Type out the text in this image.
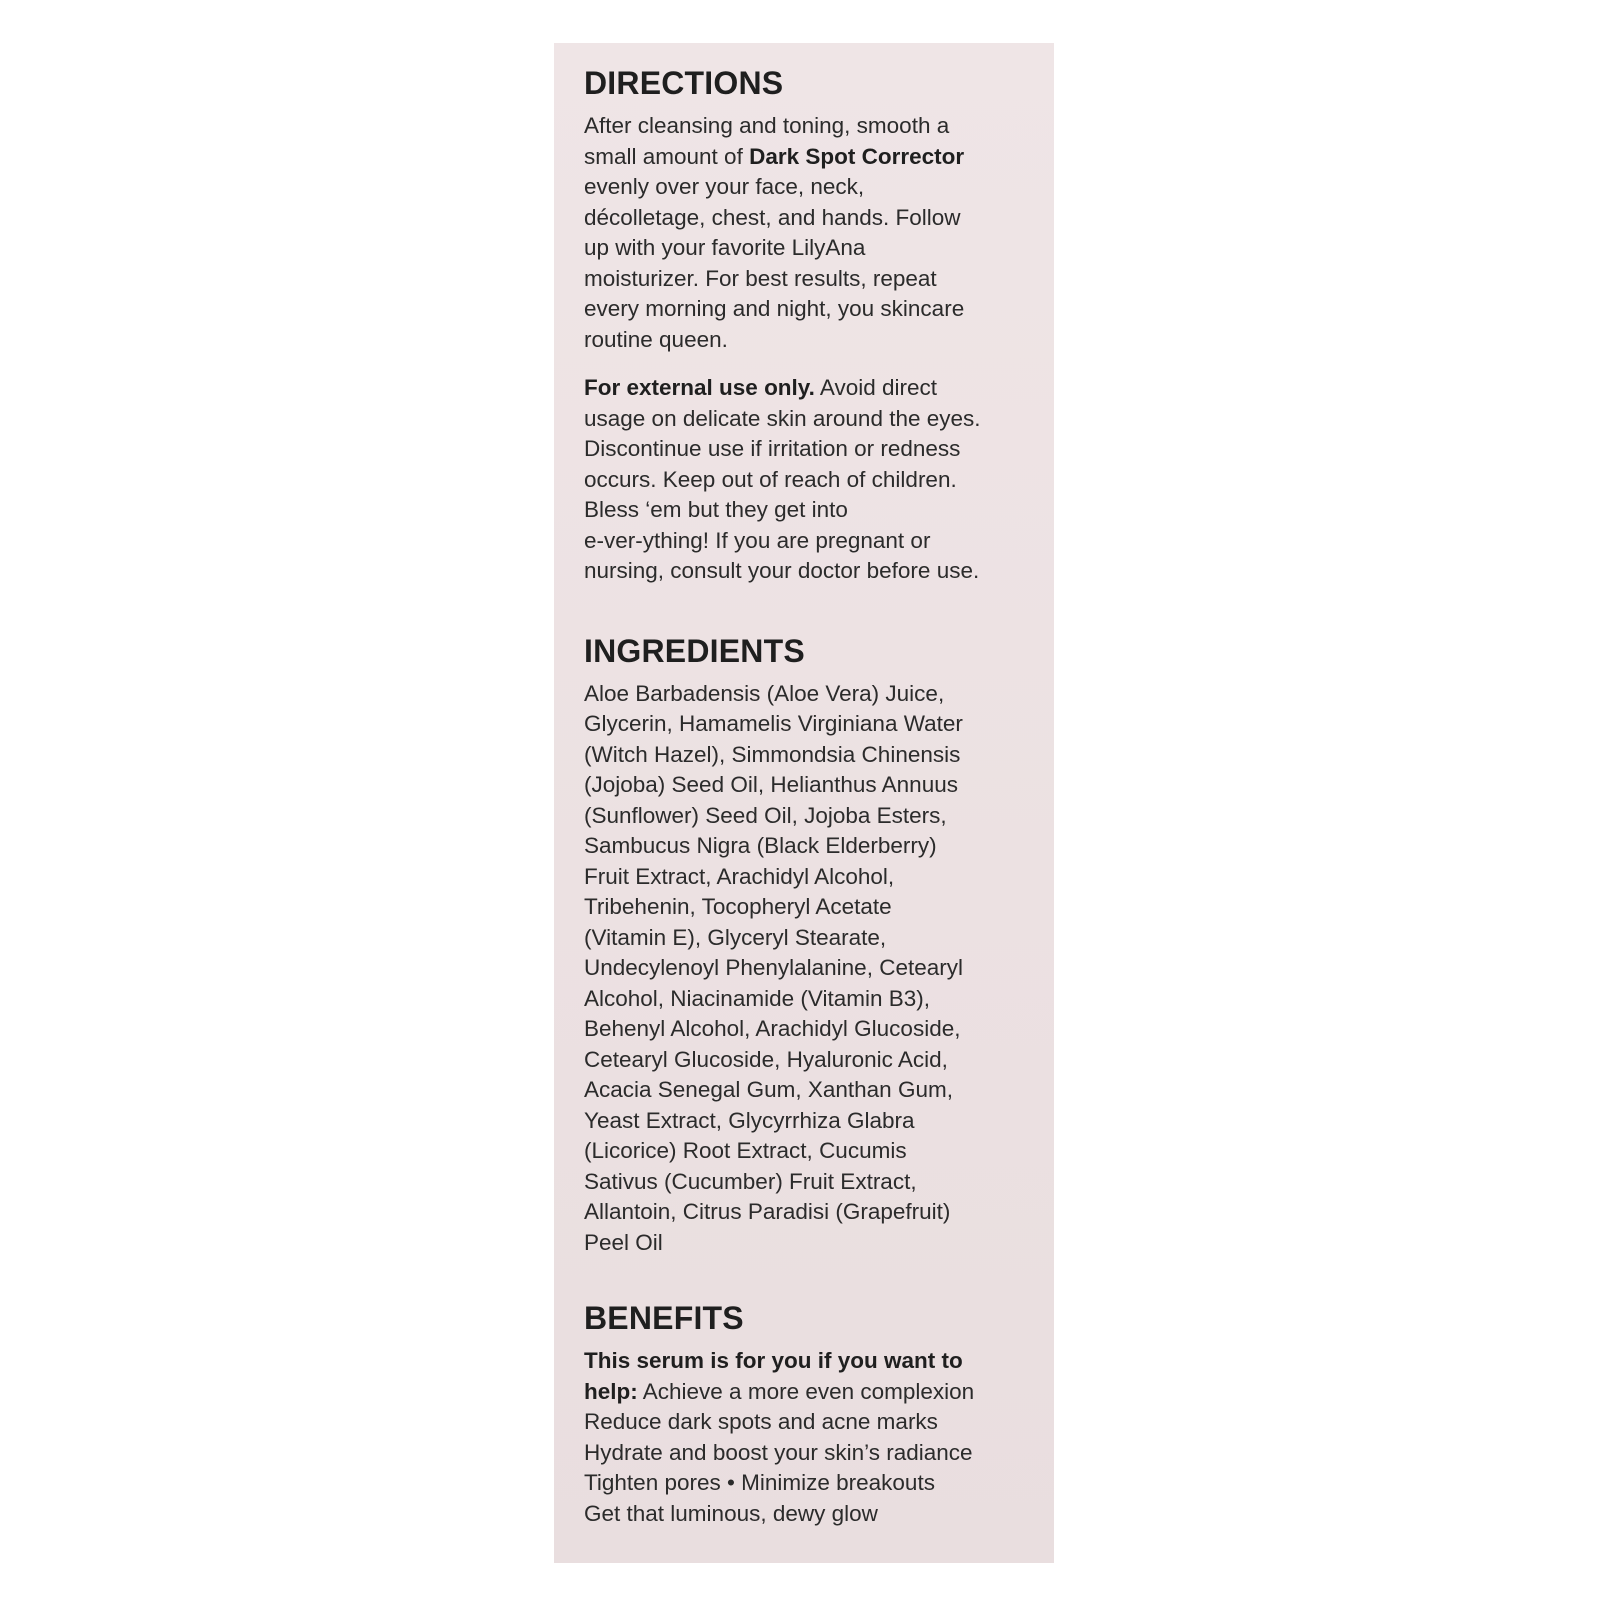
DIRECTIONS

After cleansing and toning, smooth a
small amount of Dark Spot Corrector
evenly over your face, neck,
décolletage, chest, and hands. Follow
up with your favorite LilyAna
moisturizer. For best results, repeat
every morning and night, you skincare
routine queen.

For external use only. Avoid direct
usage on delicate skin around the eyes.
Discontinue use if irritation or redness
occurs. Keep out of reach of children.
Bless ‘em but they get into
e-ver-ything! If you are pregnant or
nursing, consult your doctor before use.

INGREDIENTS

Aloe Barbadensis (Aloe Vera) Juice,
Glycerin, Hamamelis Virginiana Water
(Witch Hazel), Simmondsia Chinensis
(Jojoba) Seed Oil, Helianthus Annuus
(Sunflower) Seed Oil, Jojoba Esters,
Sambucus Nigra (Black Elderberry)
Fruit Extract, Arachidyl Alcohol,
Tribehenin, Tocopheryl Acetate
(Vitamin E), Glyceryl Stearate,
Undecylenoyl Phenylalanine, Cetearyl
Alcohol, Niacinamide (Vitamin B3),
Behenyl Alcohol, Arachidyl Glucoside,
Cetearyl Glucoside, Hyaluronic Acid,
Acacia Senegal Gum, Xanthan Gum,
Yeast Extract, Glycyrrhiza Glabra
(Licorice) Root Extract, Cucumis
Sativus (Cucumber) Fruit Extract,
Allantoin, Citrus Paradisi (Grapefruit)
Peel Oil

BENEFITS

This serum is for you if you want to
help: Achieve a more even complexion
Reduce dark spots and acne marks
Hydrate and boost your skin’s radiance
Tighten pores • Minimize breakouts
Get that luminous, dewy glow
